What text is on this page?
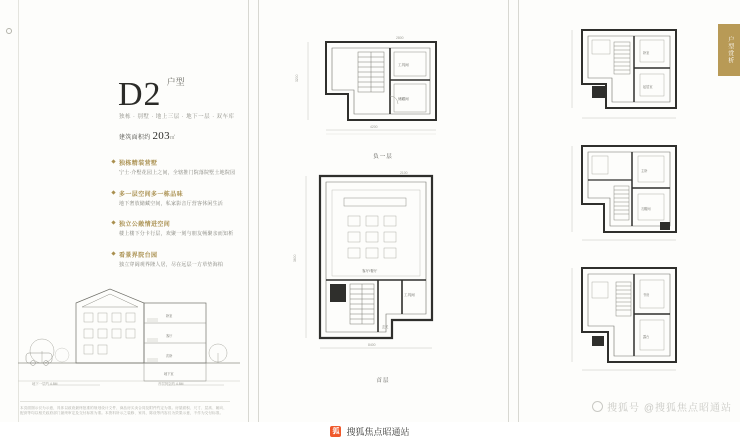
D2 $^{户型}$
独栋 · 别墅 · 地上三层 · 地下一层 · 双车库
建筑面积约 203㎡
独栋精装营墅
宁士·介墅花园上之间，全辖推门院落院墅土地院园
多一层空间多一栋品味
地下奢放储藏空间，私家影音厅营客休闲生活
独立公敞情进空间
楼上楼下分卡行层，欢聚一刻与朋友畅聚亲而知析
看景界院台园
独立穿阔观界隆人居，尽在远层一方草垫海柏
卧室
客厅
次卧
地下室
地下一层约 4.8M	首层挑空约 4.8M
本页面图示仅为示意，具体以政府最终批准的规划设计文件、商品房买卖合同及附件约定为准。房屋面积、尺寸、层高、朝向、配套等均以相关政府部门最终审定及交付标准为准。本资料所示之装修、家具、陈设等内容仅为效果示意，不作为交付标准。
4200
3200
2800
工具间
储藏间
负一层
客厅/餐厅
工具间
玄关
8400
3600
2100
首层
户型赏析
卧室
起居室
主卧
衣帽间
书房
露台
搜狐号 @搜狐焦点昭通站
狐 搜狐焦点昭通站
